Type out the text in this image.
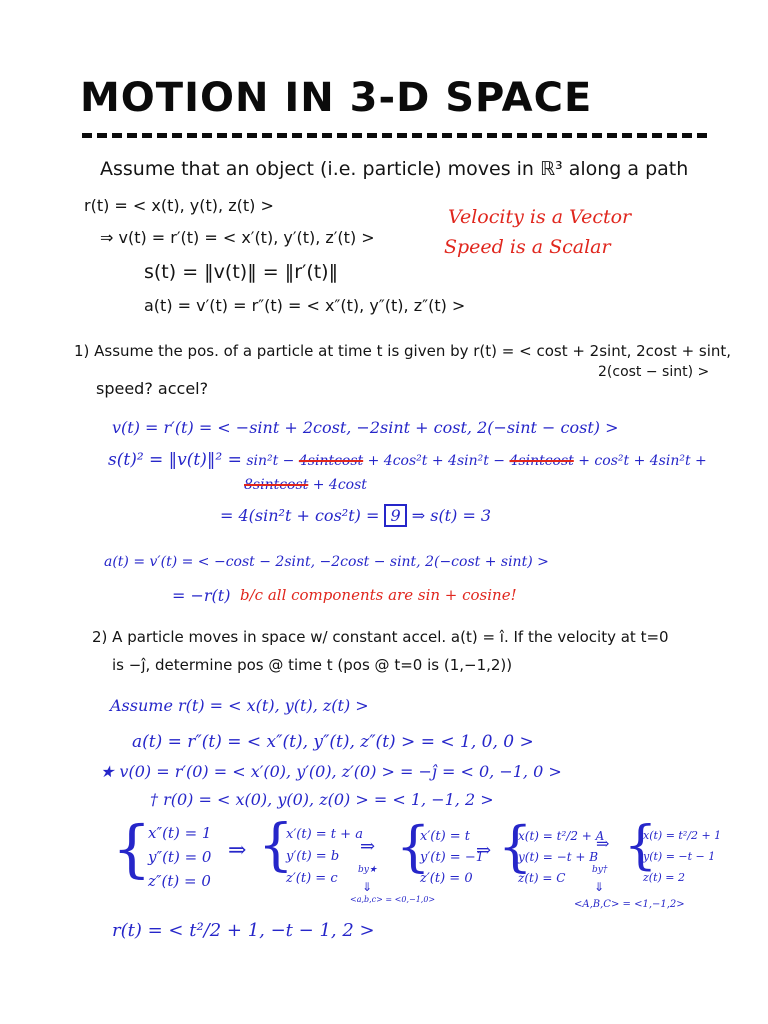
MOTION IN 3-D SPACE
Assume that an object (i.e. particle) moves in ℝ³ along a path
r(t) = < x(t), y(t), z(t) >
⇒ v(t) = r′(t) = < x′(t), y′(t), z′(t) >
s(t) = ‖v(t)‖ = ‖r′(t)‖
a(t) = v′(t) = r″(t) = < x″(t), y″(t), z″(t) >
Velocity is a Vector
Speed is a Scalar
1) Assume the pos. of a particle at time t is given by r(t) = < cost + 2sint, 2cost + sint,
2(cost − sint) >
speed? accel?
v(t) = r′(t) = < −sint + 2cost, −2sint + cost, 2(−sint − cost) >
s(t)² = ‖v(t)‖² = sin²t − 4sintcost + 4cos²t + 4sin²t − 4sintcost + cos²t + 4sin²t +
8sintcost + 4cost
= 4(sin²t + cos²t) = 9 ⇒ s(t) = 3
a(t) = v′(t) = < −cost − 2sint, −2cost − sint, 2(−cost + sint) >
= −r(t) b/c all components are sin + cosine!
2) A particle moves in space w/ constant accel. a(t) = î. If the velocity at t=0
is −ĵ, determine pos @ time t (pos @ t=0 is (1,−1,2))
Assume r(t) = < x(t), y(t), z(t) >
a(t) = r″(t) = < x″(t), y″(t), z″(t) > = < 1, 0, 0 >
★ v(0) = r′(0) = < x′(0), y′(0), z′(0) > = −ĵ = < 0, −1, 0 >
† r(0) = < x(0), y(0), z(0) > = < 1, −1, 2 >
{
x″(t) = 1
y″(t) = 0
z″(t) = 0
⇒ {
x′(t) = t + a
y′(t) = b
z′(t) = c
⇒
by★
⇓
<a,b,c> = <0,−1,0>
{
x′(t) = t
y′(t) = −1
z′(t) = 0
⇒ {
x(t) = t²/2 + A
y(t) = −t + B
z(t) = C
⇒
by†
⇓
<A,B,C> = <1,−1,2>
{
x(t) = t²/2 + 1
y(t) = −t − 1
z(t) = 2
r(t) = < t²/2 + 1, −t − 1, 2 >
